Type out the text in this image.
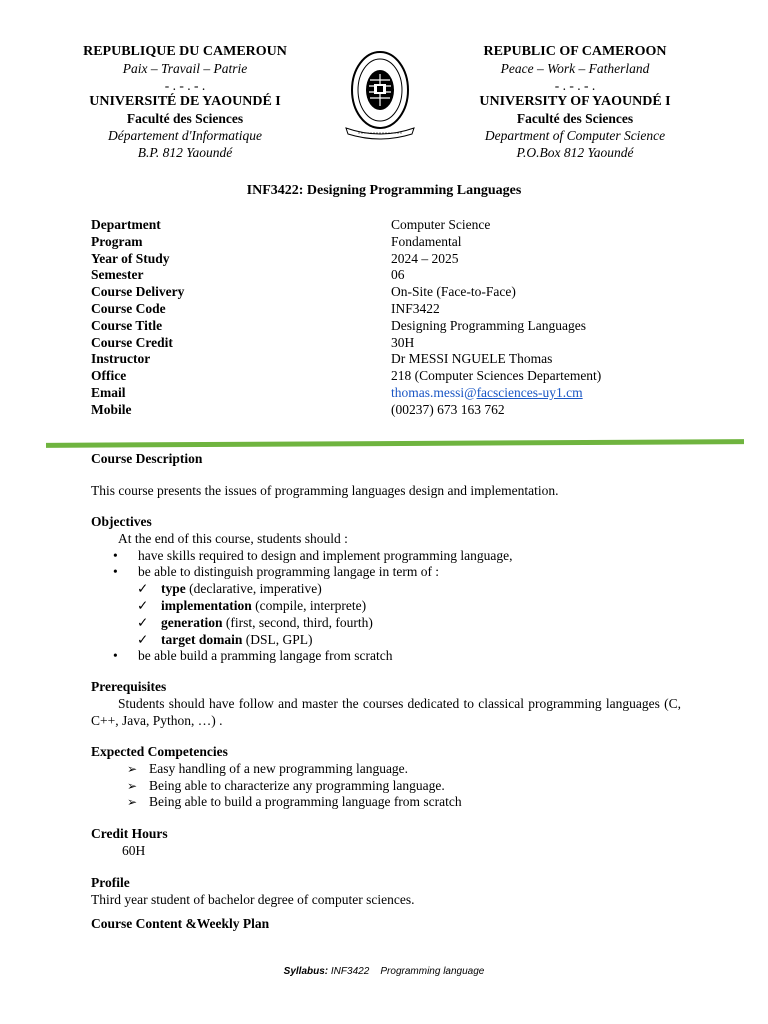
REPUBLIQUE DU CAMEROUN
Paix – Travail – Patrie
- . - . - .
UNIVERSITÉ DE YAOUNDÉ I
Faculté des Sciences
Département d'Informatique
B.P. 812 Yaoundé
REPUBLIC OF CAMEROON
Peace – Work – Fatherland
- . - . - .
UNIVERSITY OF YAOUNDÉ I
Faculté des Sciences
Department of Computer Science
P.O.Box 812 Yaoundé
INF3422: Designing Programming Languages
Department	Computer Science
Program	Fondamental
Year of Study	2024 – 2025
Semester	06
Course Delivery	On-Site (Face-to-Face)
Course Code	INF3422
Course Title	Designing Programming Languages
Course Credit	30H
Instructor	Dr MESSI NGUELE Thomas
Office	218 (Computer Sciences Departement)
Email	thomas.messi@facsciences-uy1.cm
Mobile	(00237) 673 163 762
Course Description
This course presents the issues of programming languages design and implementation.
Objectives
At the end of this course, students should :
• have skills required to design and implement programming language,
• be able to distinguish programming langage in term of :
✓ type (declarative, imperative)
✓ implementation (compile, interprete)
✓ generation (first, second, third, fourth)
✓ target domain (DSL, GPL)
• be able build a pramming langage from scratch
Prerequisites
Students should have follow and master the courses dedicated to classical programming languages (C, C++, Java, Python, …) .
Expected Competencies
➢ Easy handling of a new programming language.
➢ Being able to characterize any programming language.
➢ Being able to build a programming language from scratch
Credit Hours
60H
Profile
Third year student of bachelor degree of computer sciences.
Course Content &Weekly Plan
Syllabus: INF3422 Programming language
